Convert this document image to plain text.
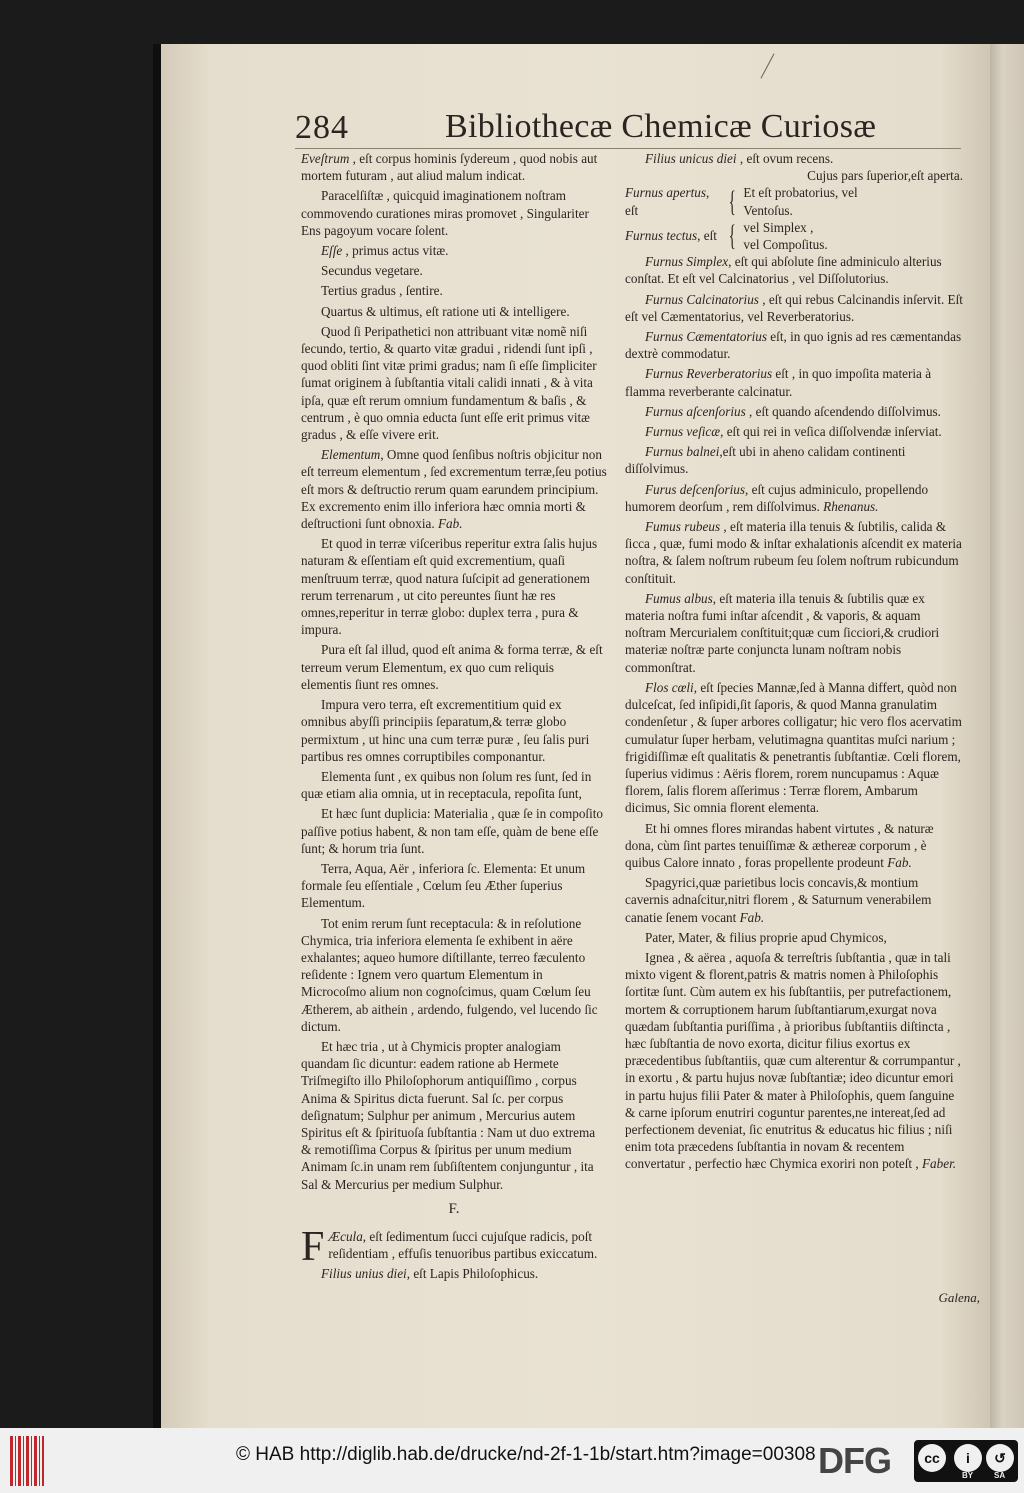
284	Bibliothecæ Chemicæ Curiosæ

Eveſtrum , eſt corpus hominis ſydereum , quod nobis aut mortem futuram , aut aliud malum indicat.

Paracelſiſtæ , quicquid imaginationem noſtram commovendo curationes miras promovet , Singulariter Ens pagoyum vocare ſolent.

Eſſe , primus actus vitæ.

Secundus vegetare.

Tertius gradus , ſentire.

Quartus & ultimus, eſt ratione uti & intelligere.

Quod ſi Peripathetici non attribuant vitæ nomẽ niſi ſecundo, tertio, & quarto vitæ gradui , ridendi ſunt ipſi , quod obliti ſint vitæ primi gradus; nam ſi eſſe ſimpliciter ſumat originem à ſubſtantia vitali calidi innati , & à vita ipſa, quæ eſt rerum omnium fundamentum & baſis , & centrum , è quo omnia educta ſunt eſſe erit primus vitæ gradus , & eſſe vivere erit.

Elementum, Omne quod ſenſibus noſtris objicitur non eſt terreum elementum , ſed excrementum terræ,ſeu potius eſt mors & deſtructio rerum quam earundem principium. Ex excremento enim illo inferiora hæc omnia morti & deſtructioni ſunt obnoxia. Fab.

Et quod in terræ viſceribus reperitur extra ſalis hujus naturam & eſſentiam eſt quid excrementium, quaſi menſtruum terræ, quod natura ſuſcipit ad generationem rerum terrenarum , ut cito pereuntes ſiunt hæ res omnes,reperitur in terræ globo: duplex terra , pura & impura.

Pura eſt ſal illud, quod eſt anima & forma terræ, & eſt terreum verum Elementum, ex quo cum reliquis elementis ſiunt res omnes.

Impura vero terra, eſt excrementitium quid ex omnibus abyſſi principiis ſeparatum,& terræ globo permixtum , ut hinc una cum terræ puræ , ſeu ſalis puri partibus res omnes corruptibiles componantur.

Elementa ſunt , ex quibus non ſolum res ſunt, ſed in quæ etiam alia omnia, ut in receptacula, repoſita ſunt,

Et hæc ſunt duplicia: Materialia , quæ ſe in compoſito paſſive potius habent, & non tam eſſe, quàm de bene eſſe ſunt; & horum tria ſunt.

Terra, Aqua, Aër , inferiora ſc. Elementa: Et unum formale ſeu eſſentiale , Cœlum ſeu Æther ſuperius Elementum.

Tot enim rerum ſunt receptacula: & in reſolutione Chymica, tria inferiora elementa ſe exhibent in aëre exhalantes; aqueo humore diſtillante, terreo fæculento reſidente : Ignem vero quartum Elementum in Microcoſmo alium non cognoſcimus, quam Cœlum ſeu Ætherem, ab aithein , ardendo, fulgendo, vel lucendo ſic dictum.

Et hæc tria , ut à Chymicis propter analogiam quandam ſic dicuntur: eadem ratione ab Hermete Triſmegiſto illo Philoſophorum antiquiſſimo , corpus Anima & Spiritus dicta fuerunt. Sal ſc. per corpus deſignatum; Sulphur per animum , Mercurius autem Spiritus eſt & ſpirituoſa ſubſtantia : Nam ut duo extrema & remotiſſima Corpus & ſpiritus per unum medium Animam ſc.in unam rem ſubſiſtentem conjunguntur , ita Sal & Mercurius per medium Sulphur.

F.

F Æcula, eſt ſedimentum ſucci cujuſque radicis, poſt reſidentiam , effuſis tenuoribus partibus exiccatum.

Filius unius diei, eſt Lapis Philoſophicus.

Filius unicus diei , eſt ovum recens.

Cujus pars ſuperior,eſt aperta.

Furnus apertus, eſt	{ Et eſt probatorius, vel
Ventoſus.
Furnus tectus, eſt { vel Simplex ,
vel Compoſitus.

Furnus Simplex, eſt qui abſolute ſine adminiculo alterius conſtat. Et eſt vel Calcinatorius , vel Diſſolutorius.

Furnus Calcinatorius , eſt qui rebus Calcinandis inſervit. Eſt eſt vel Cæmentatorius, vel Reverberatorius.

Furnus Cæmentatorius eſt, in quo ignis ad res cæmentandas dextrè commodatur.

Furnus Reverberatorius eſt , in quo impoſita materia à flamma reverberante calcinatur.

Furnus aſcenſorius , eſt quando aſcendendo diſſolvimus.

Furnus veſicæ, eſt qui rei in veſica diſſolvendæ inſerviat.

Furnus balnei,eſt ubi in aheno calidam continenti diſſolvimus.

Furus deſcenſorius, eſt cujus adminiculo, propellendo humorem deorſum , rem diſſolvimus. Rhenanus.

Fumus rubeus , eſt materia illa tenuis & ſubtilis, calida & ſicca , quæ, fumi modo & inſtar exhalationis aſcendit ex materia noſtra, & ſalem noſtrum rubeum ſeu ſolem noſtrum rubicundum conſtituit.

Fumus albus, eſt materia illa tenuis & ſubtilis quæ ex materia noſtra fumi inſtar aſcendit , & vaporis, & aquam noſtram Mercurialem conſtituit;quæ cum ſicciori,& crudiori materiæ noſtræ parte conjuncta lunam noſtram nobis commonſtrat.

Flos cœli, eſt ſpecies Mannæ,ſed à Manna differt, quòd non dulceſcat, ſed inſipidi,ſit ſaporis, & quod Manna granulatim condenſetur , & ſuper arbores colligatur; hic vero flos acervatim cumulatur ſuper herbam, velutimagna quantitas muſci narium ; frigidiſſimæ eſt qualitatis & penetrantis ſubſtantiæ. Cœli florem, ſuperius vidimus : Aëris florem, rorem nuncupamus : Aquæ florem, ſalis florem aſſerimus : Terræ florem, Ambarum dicimus, Sic omnia florent elementa.

Et hi omnes flores mirandas habent virtutes , & naturæ dona, cùm ſint partes tenuiſſimæ & æthereæ corporum , è quibus Calore innato , foras propellente prodeunt Fab.

Spagyrici,quæ parietibus locis concavis,& montium cavernis adnaſcitur,nitri florem , & Saturnum venerabilem canatie ſenem vocant Fab.

Pater, Mater, & filius proprie apud Chymicos,

Ignea , & aërea , aquoſa & terreſtris ſubſtantia , quæ in tali mixto vigent & florent,patris & matris nomen à Philoſophis ſortitæ ſunt. Cùm autem ex his ſubſtantiis, per putrefactionem, mortem & corruptionem harum ſubſtantiarum,exurgat nova quædam ſubſtantia puriſſima , à prioribus ſubſtantiis diſtincta , hæc ſubſtantia de novo exorta, dicitur filius exortus ex præcedentibus ſubſtantiis, quæ cum alterentur & corrumpantur , in exortu , & partu hujus novæ ſubſtantiæ; ideo dicuntur emori in partu hujus filii Pater & mater à Philoſophis, quem ſanguine & carne ipſorum enutriri coguntur parentes,ne intereat,ſed ad perfectionem deveniat, ſic enutritus & educatus hic filius ; niſi enim tota præcedens ſubſtantia in novam & recentem convertatur , perfectio hæc Chymica exoriri non poteſt , Faber.

Galena,
© HAB http://diglib.hab.de/drucke/nd-2f-1-1b/start.htm?image=00308 DFG	cc	i	↺
BY	SA
